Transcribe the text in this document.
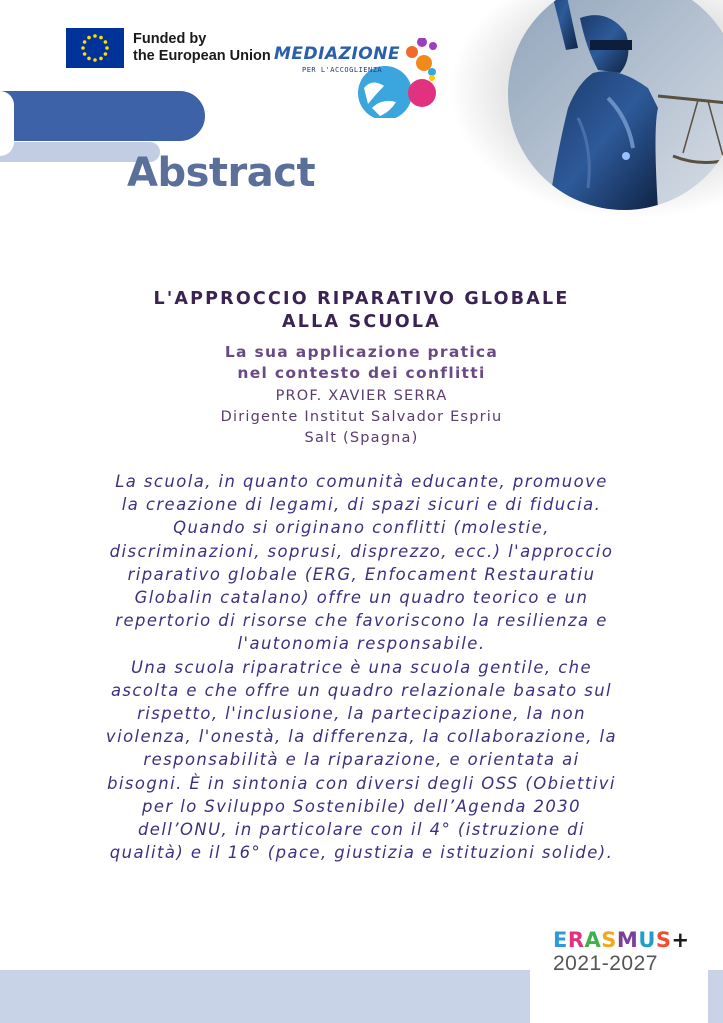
Funded by
the European Union MEDIAZIONE
PER L'ACCOGLIENZA
Abstract
L'APPROCCIO RIPARATIVO GLOBALE
ALLA SCUOLA
La sua applicazione pratica
nel contesto dei conflitti
PROF. XAVIER SERRA
Dirigente Institut Salvador Espriu
Salt (Spagna)
La scuola, in quanto comunità educante, promuove
la creazione di legami, di spazi sicuri e di fiducia.
Quando si originano conflitti (molestie,
discriminazioni, soprusi, disprezzo, ecc.) l'approccio
riparativo globale (ERG, Enfocament Restauratiu
Globalin catalano) offre un quadro teorico e un
repertorio di risorse che favoriscono la resilienza e
l'autonomia responsabile.
Una scuola riparatrice è una scuola gentile, che
ascolta e che offre un quadro relazionale basato sul
rispetto, l'inclusione, la partecipazione, la non
violenza, l'onestà, la differenza, la collaborazione, la
responsabilità e la riparazione, e orientata ai
bisogni. È in sintonia con diversi degli OSS (Obiettivi
per lo Sviluppo Sostenibile) dell’Agenda 2030
dell’ONU, in particolare con il 4° (istruzione di
qualità) e il 16° (pace, giustizia e istituzioni solide).
ERASMUS+
2021-2027
